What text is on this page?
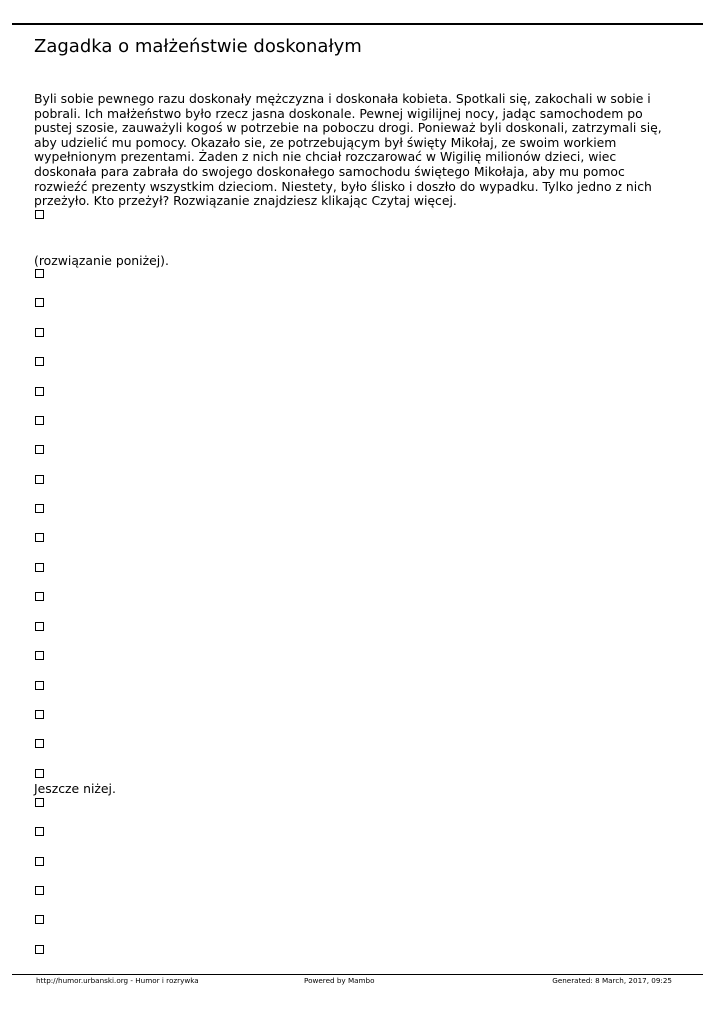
Zagadka o małżeństwie doskonałym

Byli sobie pewnego razu doskonały mężczyzna i doskonała kobieta. Spotkali się, zakochali w sobie i pobrali. Ich małżeństwo było rzecz jasna doskonale. Pewnej wigilijnej nocy, jadąc samochodem po pustej szosie, zauważyli kogoś w potrzebie na poboczu drogi. Ponieważ byli doskonali, zatrzymali się, aby udzielić mu pomocy. Okazało sie, ze potrzebującym był święty Mikołaj, ze swoim workiem wypełnionym prezentami. Żaden z nich nie chciał rozczarować w Wigilię milionów dzieci, wiec doskonała para zabrała do swojego doskonałego samochodu świętego Mikołaja, aby mu pomoc rozwieźć prezenty wszystkim dzieciom. Niestety, było ślisko i doszło do wypadku. Tylko jedno z nich przeżyło. Kto przeżył? Rozwiązanie znajdziesz klikając Czytaj więcej.

(rozwiązanie poniżej).
Jeszcze niżej.
http://humor.urbanski.org - Humor i rozrywka	Powered by Mambo	Generated: 8 March, 2017, 09:25
